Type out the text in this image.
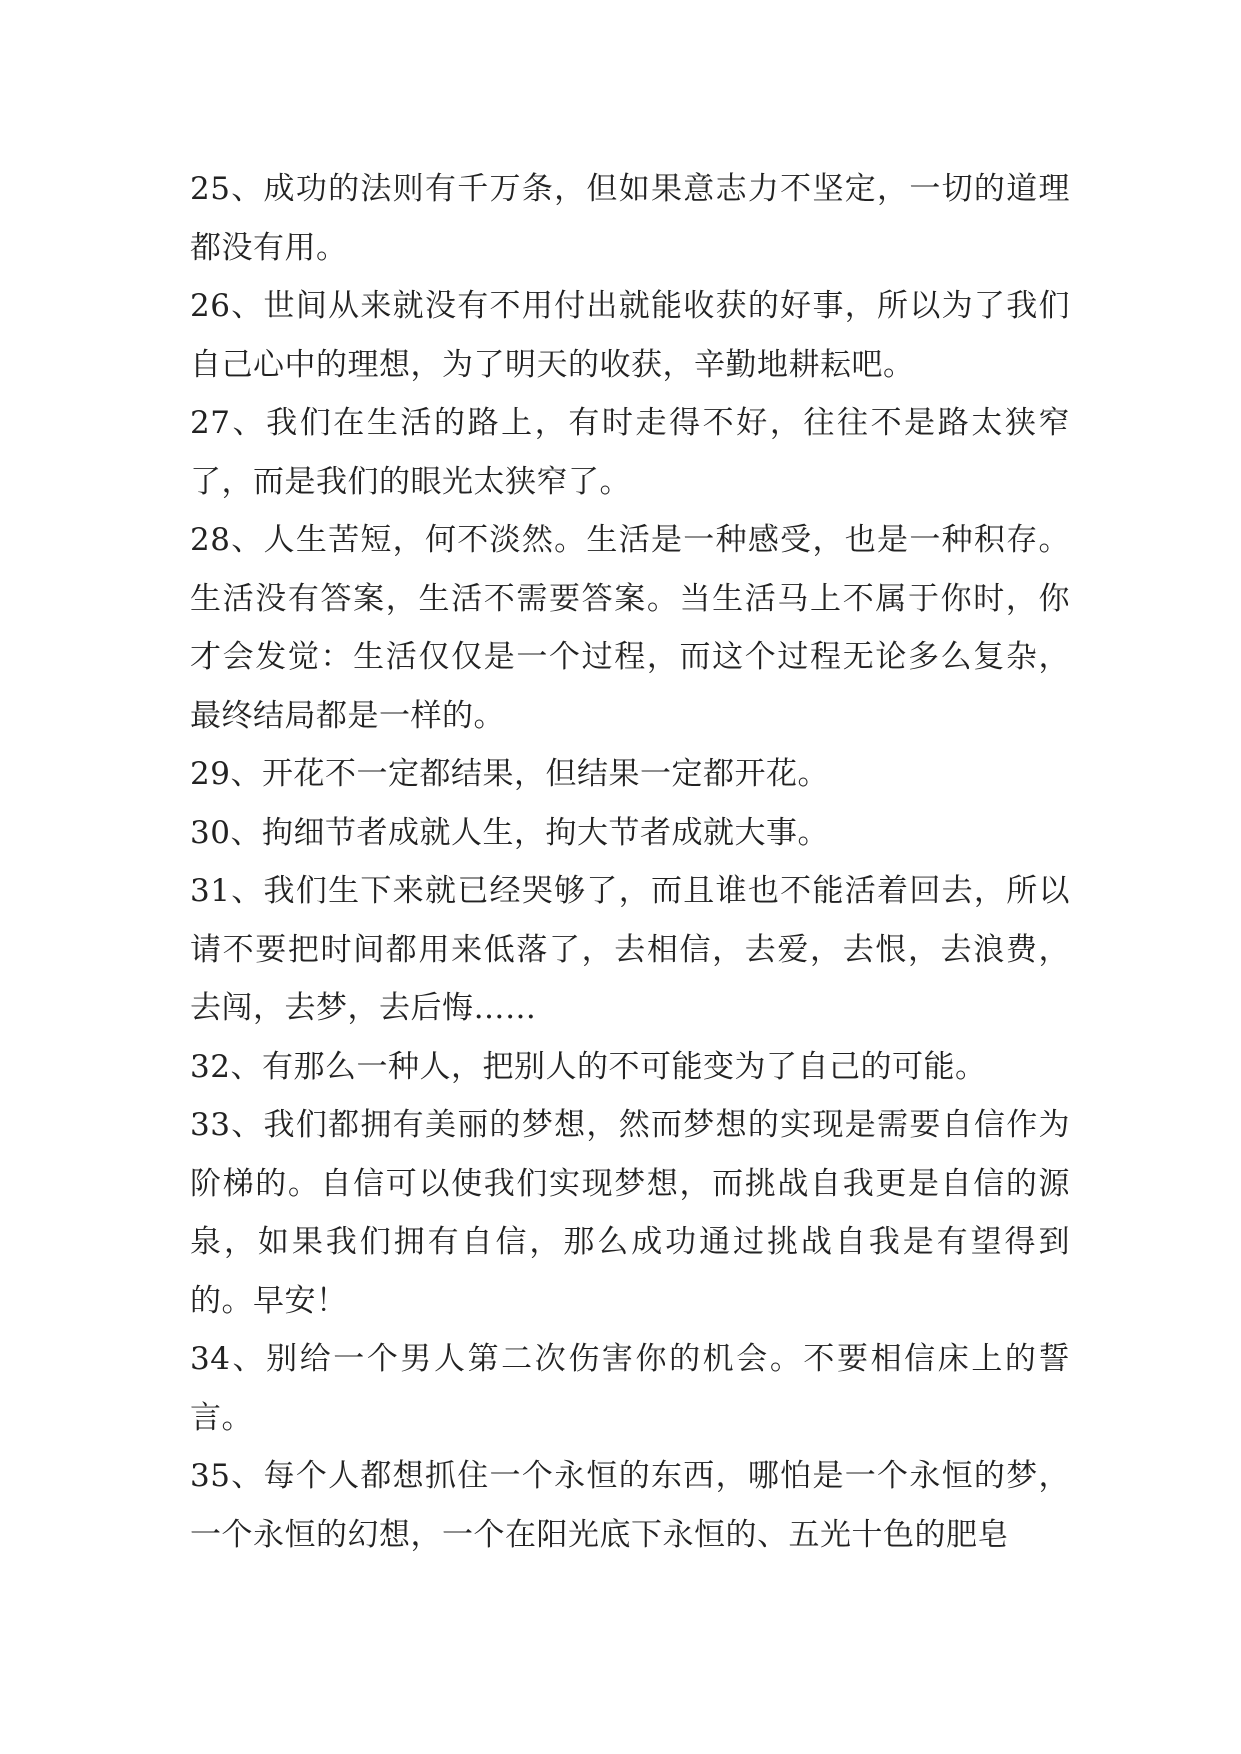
25、成功的法则有千万条，但如果意志力不坚定，一切的道理都没有用。

26、世间从来就没有不用付出就能收获的好事，所以为了我们自己心中的理想，为了明天的收获，辛勤地耕耘吧。

27、我们在生活的路上，有时走得不好，往往不是路太狭窄了，而是我们的眼光太狭窄了。

28、人生苦短，何不淡然。生活是一种感受，也是一种积存。生活没有答案，生活不需要答案。当生活马上不属于你时，你才会发觉：生活仅仅是一个过程，而这个过程无论多么复杂，最终结局都是一样的。

29、开花不一定都结果，但结果一定都开花。

30、拘细节者成就人生，拘大节者成就大事。

31、我们生下来就已经哭够了，而且谁也不能活着回去，所以请不要把时间都用来低落了，去相信，去爱，去恨，去浪费，去闯，去梦，去后悔……

32、有那么一种人，把别人的不可能变为了自己的可能。

33、我们都拥有美丽的梦想，然而梦想的实现是需要自信作为阶梯的。自信可以使我们实现梦想，而挑战自我更是自信的源泉，如果我们拥有自信，那么成功通过挑战自我是有望得到的。早安！

34、别给一个男人第二次伤害你的机会。不要相信床上的誓言。

35、每个人都想抓住一个永恒的东西，哪怕是一个永恒的梦，一个永恒的幻想，一个在阳光底下永恒的、五光十色的肥皂
